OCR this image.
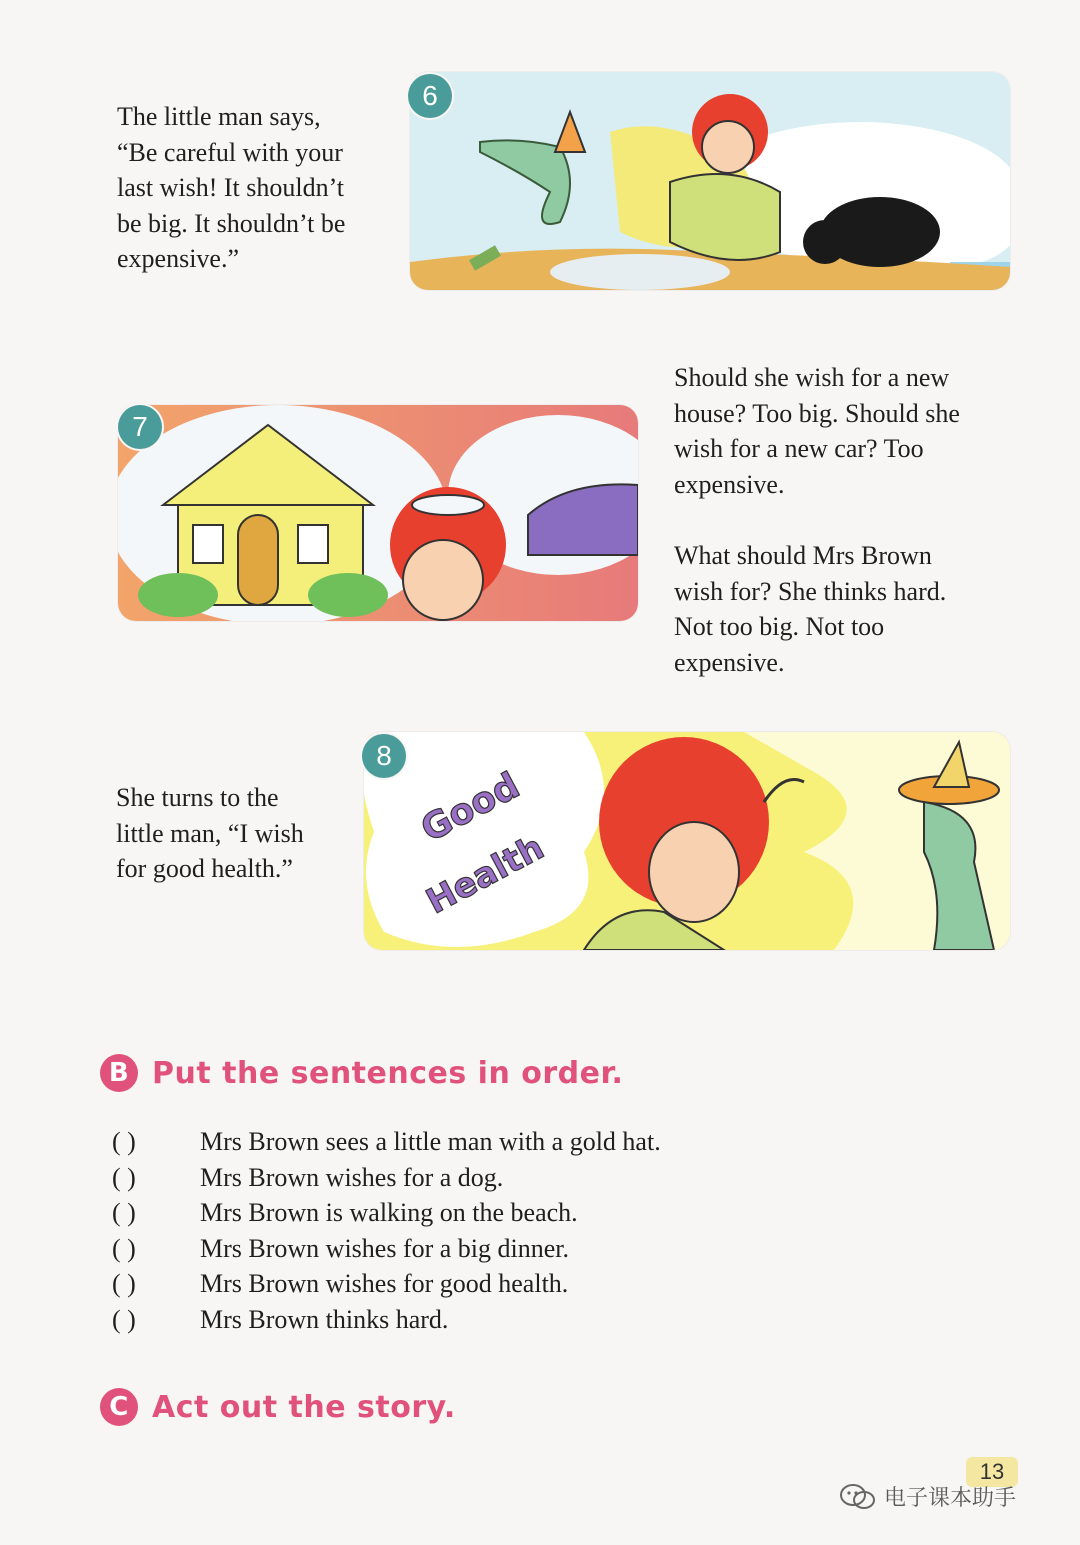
The little man says,
“Be careful with your
last wish! It shouldn’t
be big. It shouldn’t be
expensive.”

6
7

Should she wish for a new
house? Too big. Should she
wish for a new car? Too
expensive.

What should Mrs Brown
wish for? She thinks hard.
Not too big. Not too
expensive.

She turns to the
little man, “I wish
for good health.”

Good
Health
8
B Put the sentences in order.
( )	Mrs Brown sees a little man with a gold hat.
( )	Mrs Brown wishes for a dog.
( )	Mrs Brown is walking on the beach.
( )	Mrs Brown wishes for a big dinner.
( )	Mrs Brown wishes for good health.
( )	Mrs Brown thinks hard.
C Act out the story.
13
电子课本助手
